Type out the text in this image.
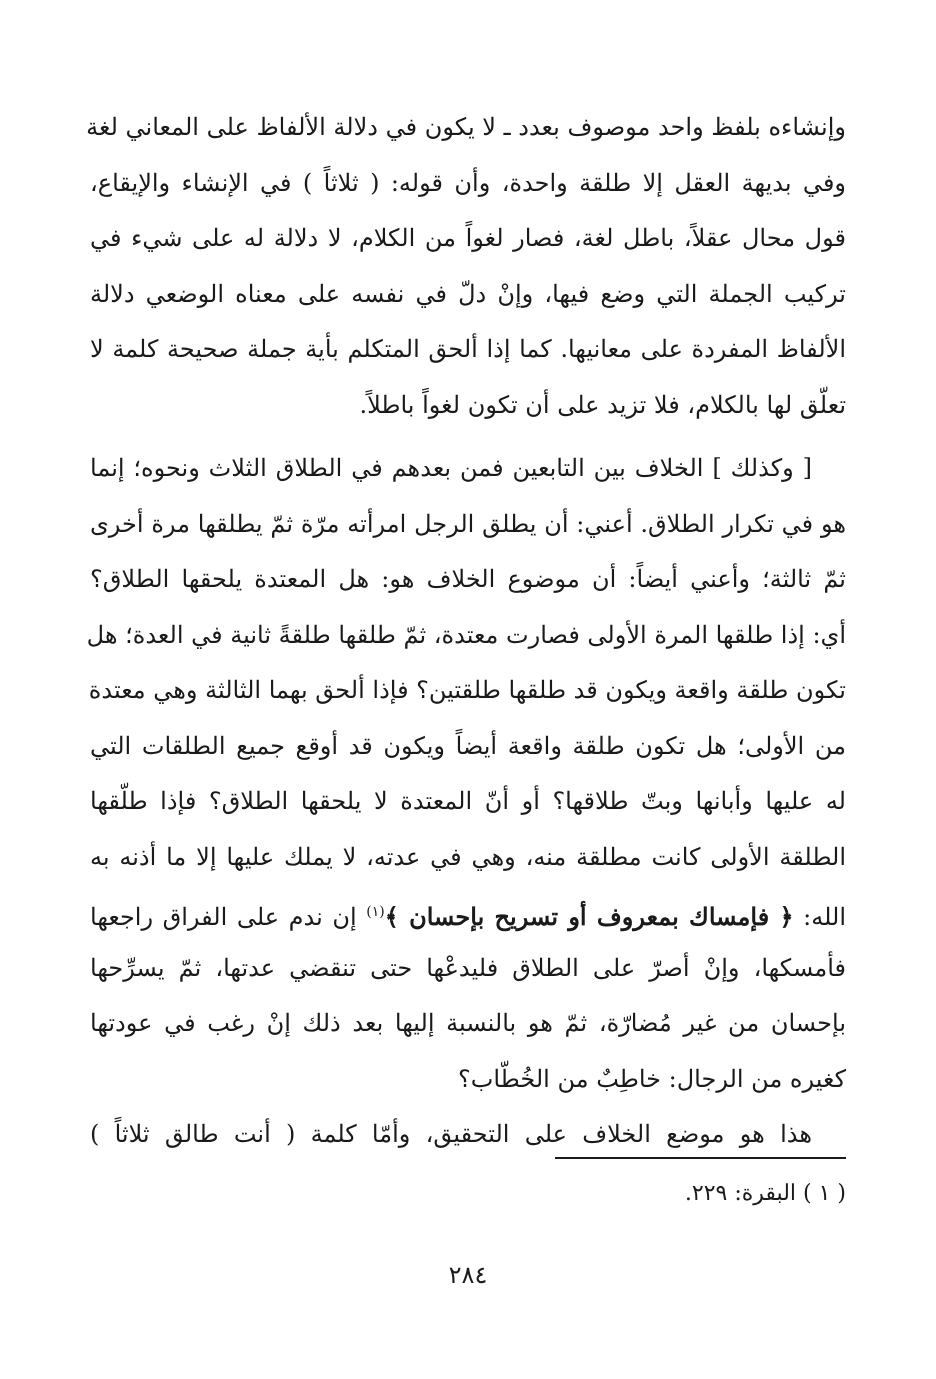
وإنشاءه بلفظ واحد موصوف بعدد ـ لا يكون في دلالة الألفاظ على المعاني لغة
وفي بديهة العقل إلا طلقة واحدة، وأن قوله: ( ثلاثاً ) في الإنشاء والإيقاع،
قول محال عقلاً، باطل لغة، فصار لغواً من الكلام، لا دلالة له على شيء في
تركيب الجملة التي وضع فيها، وإنْ دلّ في نفسه على معناه الوضعي دلالة
الألفاظ المفردة على معانيها. كما إذا ألحق المتكلم بأية جملة صحيحة كلمة لا
تعلّق لها بالكلام، فلا تزيد على أن تكون لغواً باطلاً.
[ وكذلك ] الخلاف بين التابعين فمن بعدهم في الطلاق الثلاث ونحوه؛ إنما
هو في تكرار الطلاق. أعني: أن يطلق الرجل امرأته مرّة ثمّ يطلقها مرة أخرى
ثمّ ثالثة؛ وأعني أيضاً: أن موضوع الخلاف هو: هل المعتدة يلحقها الطلاق؟
أي: إذا طلقها المرة الأولى فصارت معتدة، ثمّ طلقها طلقةً ثانية في العدة؛ هل
تكون طلقة واقعة ويكون قد طلقها طلقتين؟ فإذا ألحق بهما الثالثة وهي معتدة
من الأولى؛ هل تكون طلقة واقعة أيضاً ويكون قد أوقع جميع الطلقات التي
له عليها وأبانها وبتّ طلاقها؟ أو أنّ المعتدة لا يلحقها الطلاق؟ فإذا طلّقها
الطلقة الأولى كانت مطلقة منه، وهي في عدته، لا يملك عليها إلا ما أذنه به
الله: ﴿ فإمساك بمعروف أو تسريح بإحسان ﴾$^{(١)}$ إن ندم على الفراق راجعها
فأمسكها، وإنْ أصرّ على الطلاق فليدعْها حتى تنقضي عدتها، ثمّ يسرِّحها
بإحسان من غير مُضارّة، ثمّ هو بالنسبة إليها بعد ذلك إنْ رغب في عودتها
كغيره من الرجال: خاطِبٌ من الخُطّاب؟
هذا هو موضع الخلاف على التحقيق، وأمّا كلمة ( أنت طالق ثلاثاً )
( ١ ) البقرة: ٢٢٩.
٢٨٤
